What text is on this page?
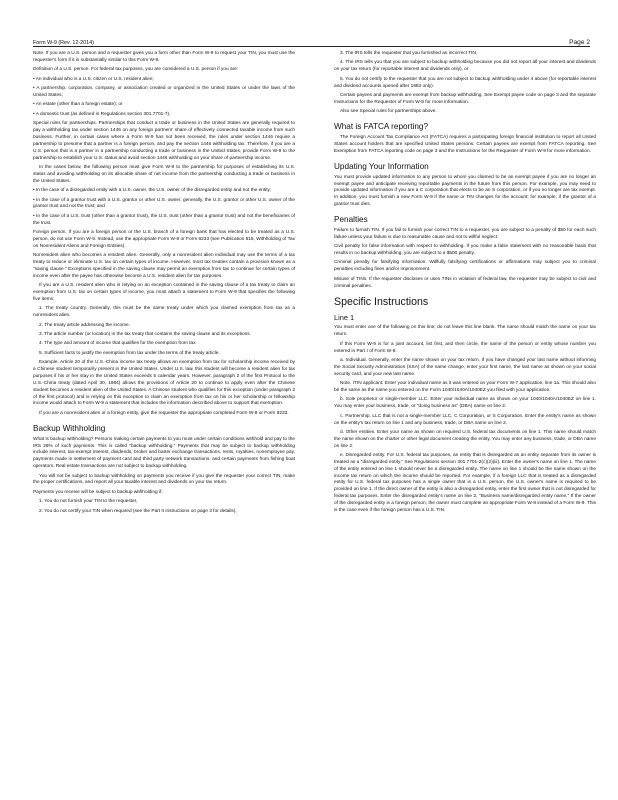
Form W-9 (Rev. 12-2014)	Page 2

Note. If you are a U.S. person and a requester gives you a form other than Form W-9 to request your TIN, you must use the requester's form if it is substantially similar to this Form W-9.

Definition of a U.S. person. For federal tax purposes, you are considered a U.S. person if you are:

• An individual who is a U.S. citizen or U.S. resident alien;

• A partnership, corporation, company, or association created or organized in the United States or under the laws of the United States;

• An estate (other than a foreign estate); or

• A domestic trust (as defined in Regulations section 301.7701-7).

Special rules for partnerships. Partnerships that conduct a trade or business in the United States are generally required to pay a withholding tax under section 1446 on any foreign partners' share of effectively connected taxable income from such business. Further, in certain cases where a Form W-9 has not been received, the rules under section 1446 require a partnership to presume that a partner is a foreign person, and pay the section 1446 withholding tax. Therefore, if you are a U.S. person that is a partner in a partnership conducting a trade or business in the United States, provide Form W-9 to the partnership to establish your U.S. status and avoid section 1446 withholding on your share of partnership income.

In the cases below, the following person must give Form W-9 to the partnership for purposes of establishing its U.S. status and avoiding withholding on its allocable share of net income from the partnership conducting a trade or business in the United States.

• In the case of a disregarded entity with a U.S. owner, the U.S. owner of the disregarded entity and not the entity;

• In the case of a grantor trust with a U.S. grantor or other U.S. owner, generally, the U.S. grantor or other U.S. owner of the grantor trust and not the trust; and

• In the case of a U.S. trust (other than a grantor trust), the U.S. trust (other than a grantor trust) and not the beneficiaries of the trust.

Foreign person. If you are a foreign person or the U.S. branch of a foreign bank that has elected to be treated as a U.S. person, do not use Form W-9. Instead, use the appropriate Form W-8 or Form 8233 (see Publication 515, Withholding of Tax on Nonresident Aliens and Foreign Entities).

Nonresident alien who becomes a resident alien. Generally, only a nonresident alien individual may use the terms of a tax treaty to reduce or eliminate U.S. tax on certain types of income. However, most tax treaties contain a provision known as a "saving clause." Exceptions specified in the saving clause may permit an exemption from tax to continue for certain types of income even after the payee has otherwise become a U.S. resident alien for tax purposes.

If you are a U.S. resident alien who is relying on an exception contained in the saving clause of a tax treaty to claim an exemption from U.S. tax on certain types of income, you must attach a statement to Form W-9 that specifies the following five items:

1. The treaty country. Generally, this must be the same treaty under which you claimed exemption from tax as a nonresident alien.

2. The treaty article addressing the income.

3. The article number (or location) in the tax treaty that contains the saving clause and its exceptions.

4. The type and amount of income that qualifies for the exemption from tax.

5. Sufficient facts to justify the exemption from tax under the terms of the treaty article.

Example. Article 20 of the U.S.-China income tax treaty allows an exemption from tax for scholarship income received by a Chinese student temporarily present in the United States. Under U.S. law, this student will become a resident alien for tax purposes if his or her stay in the United States exceeds 5 calendar years. However, paragraph 2 of the first Protocol to the U.S.-China treaty (dated April 30, 1984) allows the provisions of Article 20 to continue to apply even after the Chinese student becomes a resident alien of the United States. A Chinese student who qualifies for this exception (under paragraph 2 of the first protocol) and is relying on this exception to claim an exemption from tax on his or her scholarship or fellowship income would attach to Form W-9 a statement that includes the information described above to support that exemption.

If you are a nonresident alien or a foreign entity, give the requester the appropriate completed Form W-8 or Form 8233.

Backup Withholding

What is backup withholding? Persons making certain payments to you must under certain conditions withhold and pay to the IRS 28% of such payments. This is called "backup withholding." Payments that may be subject to backup withholding include interest, tax-exempt interest, dividends, broker and barter exchange transactions, rents, royalties, nonemployee pay, payments made in settlement of payment card and third party network transactions, and certain payments from fishing boat operators. Real estate transactions are not subject to backup withholding.

You will not be subject to backup withholding on payments you receive if you give the requester your correct TIN, make the proper certifications, and report all your taxable interest and dividends on your tax return.

Payments you receive will be subject to backup withholding if:

1. You do not furnish your TIN to the requester,

2. You do not certify your TIN when required (see the Part II instructions on page 3 for details),

3. The IRS tells the requester that you furnished an incorrect TIN,

4. The IRS tells you that you are subject to backup withholding because you did not report all your interest and dividends on your tax return (for reportable interest and dividends only), or

5. You do not certify to the requester that you are not subject to backup withholding under 4 above (for reportable interest and dividend accounts opened after 1983 only).

Certain payees and payments are exempt from backup withholding. See Exempt payee code on page 3 and the separate Instructions for the Requester of Form W-9 for more information.

Also see Special rules for partnerships above.

What is FATCA reporting?

The Foreign Account Tax Compliance Act (FATCA) requires a participating foreign financial institution to report all United States account holders that are specified United States persons. Certain payees are exempt from FATCA reporting. See Exemption from FATCA reporting code on page 3 and the Instructions for the Requester of Form W-9 for more information.

Updating Your Information

You must provide updated information to any person to whom you claimed to be an exempt payee if you are no longer an exempt payee and anticipate receiving reportable payments in the future from this person. For example, you may need to provide updated information if you are a C corporation that elects to be an S corporation, or if you no longer are tax exempt. In addition, you must furnish a new Form W-9 if the name or TIN changes for the account; for example, if the grantor of a grantor trust dies.

Penalties

Failure to furnish TIN. If you fail to furnish your correct TIN to a requester, you are subject to a penalty of $50 for each such failure unless your failure is due to reasonable cause and not to willful neglect.

Civil penalty for false information with respect to withholding. If you make a false statement with no reasonable basis that results in no backup withholding, you are subject to a $500 penalty.

Criminal penalty for falsifying information. Willfully falsifying certifications or affirmations may subject you to criminal penalties including fines and/or imprisonment.

Misuse of TINs. If the requester discloses or uses TINs in violation of federal law, the requester may be subject to civil and criminal penalties.

Specific Instructions
Line 1

You must enter one of the following on this line; do not leave this line blank. The name should match the name on your tax return.

If this Form W-9 is for a joint account, list first, and then circle, the name of the person or entity whose number you entered in Part I of Form W-9.

a. Individual. Generally, enter the name shown on your tax return. If you have changed your last name without informing the Social Security Administration (SSA) of the name change, enter your first name, the last name as shown on your social security card, and your new last name.

Note. ITIN applicant: Enter your individual name as it was entered on your Form W-7 application, line 1a. This should also be the same as the name you entered on the Form 1040/1040A/1040EZ you filed with your application.

b. Sole proprietor or single-member LLC. Enter your individual name as shown on your 1040/1040A/1040EZ on line 1. You may enter your business, trade, or "doing business as" (DBA) name on line 2.

c. Partnership, LLC that is not a single-member LLC, C Corporation, or S Corporation. Enter the entity's name as shown on the entity's tax return on line 1 and any business, trade, or DBA name on line 2.

d. Other entities. Enter your name as shown on required U.S. federal tax documents on line 1. This name should match the name shown on the charter or other legal document creating the entity. You may enter any business, trade, or DBA name on line 2.

e. Disregarded entity. For U.S. federal tax purposes, an entity that is disregarded as an entity separate from its owner is treated as a "disregarded entity." See Regulations section 301.7701-2(c)(2)(iii). Enter the owner's name on line 1. The name of the entity entered on line 1 should never be a disregarded entity. The name on line 1 should be the name shown on the income tax return on which the income should be reported. For example, if a foreign LLC that is treated as a disregarded entity for U.S. federal tax purposes has a single owner that is a U.S. person, the U.S. owner's name is required to be provided on line 1. If the direct owner of the entity is also a disregarded entity, enter the first owner that is not disregarded for federal tax purposes. Enter the disregarded entity's name on line 2, "Business name/disregarded entity name." If the owner of the disregarded entity is a foreign person, the owner must complete an appropriate Form W-8 instead of a Form W-9. This is the case even if the foreign person has a U.S. TIN.
